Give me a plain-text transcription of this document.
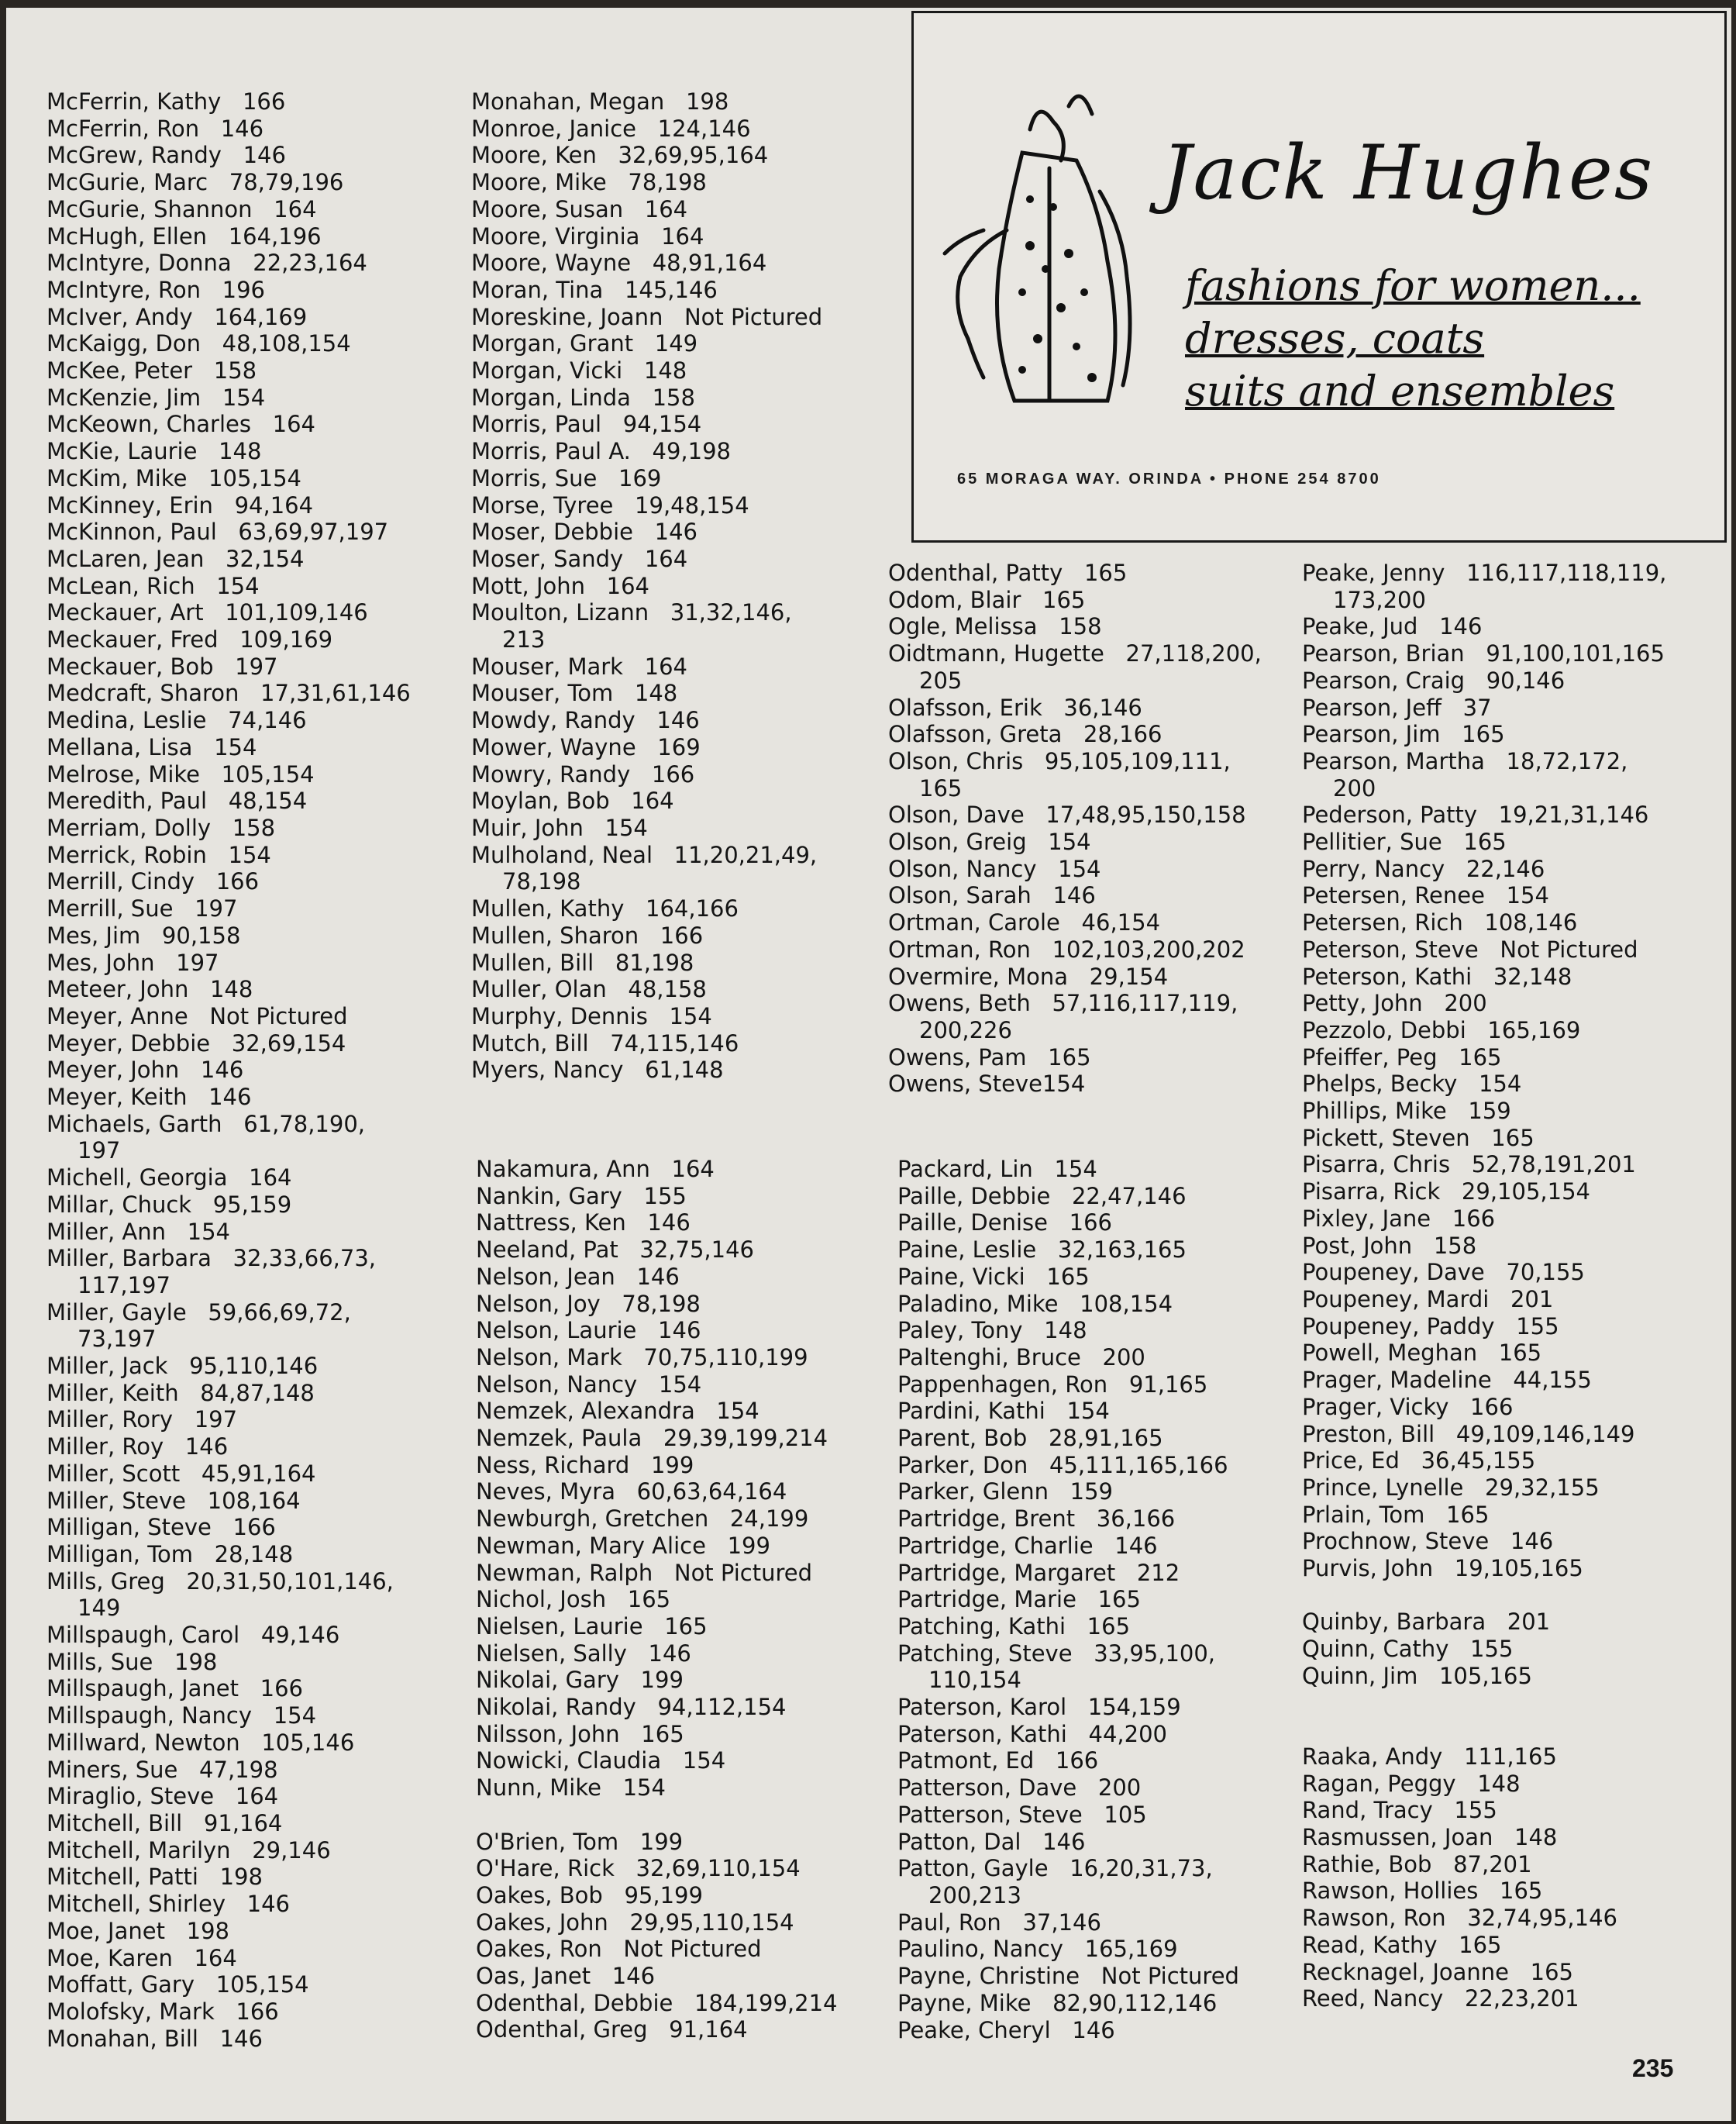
McFerrin, Kathy   166
McFerrin, Ron   146
McGrew, Randy   146
McGurie, Marc   78,79,196
McGurie, Shannon   164
McHugh, Ellen   164,196
McIntyre, Donna   22,23,164
McIntyre, Ron   196
McIver, Andy   164,169
McKaigg, Don   48,108,154
McKee, Peter   158
McKenzie, Jim   154
McKeown, Charles   164
McKie, Laurie   148
McKim, Mike   105,154
McKinney, Erin   94,164
McKinnon, Paul   63,69,97,197
McLaren, Jean   32,154
McLean, Rich   154
Meckauer, Art   101,109,146
Meckauer, Fred   109,169
Meckauer, Bob   197
Medcraft, Sharon   17,31,61,146
Medina, Leslie   74,146
Mellana, Lisa   154
Melrose, Mike   105,154
Meredith, Paul   48,154
Merriam, Dolly   158
Merrick, Robin   154
Merrill, Cindy   166
Merrill, Sue   197
Mes, Jim   90,158
Mes, John   197
Meteer, John   148
Meyer, Anne   Not Pictured
Meyer, Debbie   32,69,154
Meyer, John   146
Meyer, Keith   146
Michaels, Garth   61,78,190,
197
Michell, Georgia   164
Millar, Chuck   95,159
Miller, Ann   154
Miller, Barbara   32,33,66,73,
117,197
Miller, Gayle   59,66,69,72,
73,197
Miller, Jack   95,110,146
Miller, Keith   84,87,148
Miller, Rory   197
Miller, Roy   146
Miller, Scott   45,91,164
Miller, Steve   108,164
Milligan, Steve   166
Milligan, Tom   28,148
Mills, Greg   20,31,50,101,146,
149
Millspaugh, Carol   49,146
Mills, Sue   198
Millspaugh, Janet   166
Millspaugh, Nancy   154
Millward, Newton   105,146
Miners, Sue   47,198
Miraglio, Steve   164
Mitchell, Bill   91,164
Mitchell, Marilyn   29,146
Mitchell, Patti   198
Mitchell, Shirley   146
Moe, Janet   198
Moe, Karen   164
Moffatt, Gary   105,154
Molofsky, Mark   166
Monahan, Bill   146
Monahan, Megan   198
Monroe, Janice   124,146
Moore, Ken   32,69,95,164
Moore, Mike   78,198
Moore, Susan   164
Moore, Virginia   164
Moore, Wayne   48,91,164
Moran, Tina   145,146
Moreskine, Joann   Not Pictured
Morgan, Grant   149
Morgan, Vicki   148
Morgan, Linda   158
Morris, Paul   94,154
Morris, Paul A.   49,198
Morris, Sue   169
Morse, Tyree   19,48,154
Moser, Debbie   146
Moser, Sandy   164
Mott, John   164
Moulton, Lizann   31,32,146,
213
Mouser, Mark   164
Mouser, Tom   148
Mowdy, Randy   146
Mower, Wayne   169
Mowry, Randy   166
Moylan, Bob   164
Muir, John   154
Mulholand, Neal   11,20,21,49,
78,198
Mullen, Kathy   164,166
Mullen, Sharon   166
Mullen, Bill   81,198
Muller, Olan   48,158
Murphy, Dennis   154
Mutch, Bill   74,115,146
Myers, Nancy   61,148
Nakamura, Ann   164
Nankin, Gary   155
Nattress, Ken   146
Neeland, Pat   32,75,146
Nelson, Jean   146
Nelson, Joy   78,198
Nelson, Laurie   146
Nelson, Mark   70,75,110,199
Nelson, Nancy   154
Nemzek, Alexandra   154
Nemzek, Paula   29,39,199,214
Ness, Richard   199
Neves, Myra   60,63,64,164
Newburgh, Gretchen   24,199
Newman, Mary Alice   199
Newman, Ralph   Not Pictured
Nichol, Josh   165
Nielsen, Laurie   165
Nielsen, Sally   146
Nikolai, Gary   199
Nikolai, Randy   94,112,154
Nilsson, John   165
Nowicki, Claudia   154
Nunn, Mike   154
O'Brien, Tom   199
O'Hare, Rick   32,69,110,154
Oakes, Bob   95,199
Oakes, John   29,95,110,154
Oakes, Ron   Not Pictured
Oas, Janet   146
Odenthal, Debbie   184,199,214
Odenthal, Greg   91,164
Odenthal, Patty   165
Odom, Blair   165
Ogle, Melissa   158
Oidtmann, Hugette   27,118,200,
205
Olafsson, Erik   36,146
Olafsson, Greta   28,166
Olson, Chris   95,105,109,111,
165
Olson, Dave   17,48,95,150,158
Olson, Greig   154
Olson, Nancy   154
Olson, Sarah   146
Ortman, Carole   46,154
Ortman, Ron   102,103,200,202
Overmire, Mona   29,154
Owens, Beth   57,116,117,119,
200,226
Owens, Pam   165
Owens, Steve154
Packard, Lin   154
Paille, Debbie   22,47,146
Paille, Denise   166
Paine, Leslie   32,163,165
Paine, Vicki   165
Paladino, Mike   108,154
Paley, Tony   148
Paltenghi, Bruce   200
Pappenhagen, Ron   91,165
Pardini, Kathi   154
Parent, Bob   28,91,165
Parker, Don   45,111,165,166
Parker, Glenn   159
Partridge, Brent   36,166
Partridge, Charlie   146
Partridge, Margaret   212
Partridge, Marie   165
Patching, Kathi   165
Patching, Steve   33,95,100,
110,154
Paterson, Karol   154,159
Paterson, Kathi   44,200
Patmont, Ed   166
Patterson, Dave   200
Patterson, Steve   105
Patton, Dal   146
Patton, Gayle   16,20,31,73,
200,213
Paul, Ron   37,146
Paulino, Nancy   165,169
Payne, Christine   Not Pictured
Payne, Mike   82,90,112,146
Peake, Cheryl   146
Peake, Jenny   116,117,118,119,
173,200
Peake, Jud   146
Pearson, Brian   91,100,101,165
Pearson, Craig   90,146
Pearson, Jeff   37
Pearson, Jim   165
Pearson, Martha   18,72,172,
200
Pederson, Patty   19,21,31,146
Pellitier, Sue   165
Perry, Nancy   22,146
Petersen, Renee   154
Petersen, Rich   108,146
Peterson, Steve   Not Pictured
Peterson, Kathi   32,148
Petty, John   200
Pezzolo, Debbi   165,169
Pfeiffer, Peg   165
Phelps, Becky   154
Phillips, Mike   159
Pickett, Steven   165
Pisarra, Chris   52,78,191,201
Pisarra, Rick   29,105,154
Pixley, Jane   166
Post, John   158
Poupeney, Dave   70,155
Poupeney, Mardi   201
Poupeney, Paddy   155
Powell, Meghan   165
Prager, Madeline   44,155
Prager, Vicky   166
Preston, Bill   49,109,146,149
Price, Ed   36,45,155
Prince, Lynelle   29,32,155
Prlain, Tom   165
Prochnow, Steve   146
Purvis, John   19,105,165
Quinby, Barbara   201
Quinn, Cathy   155
Quinn, Jim   105,165
Raaka, Andy   111,165
Ragan, Peggy   148
Rand, Tracy   155
Rasmussen, Joan   148
Rathie, Bob   87,201
Rawson, Hollies   165
Rawson, Ron   32,74,95,146
Read, Kathy   165
Recknagel, Joanne   165
Reed, Nancy   22,23,201
Jack Hughes
fashions for women...
dresses, coats
suits and ensembles
65 MORAGA WAY. ORINDA • PHONE 254 8700
235
